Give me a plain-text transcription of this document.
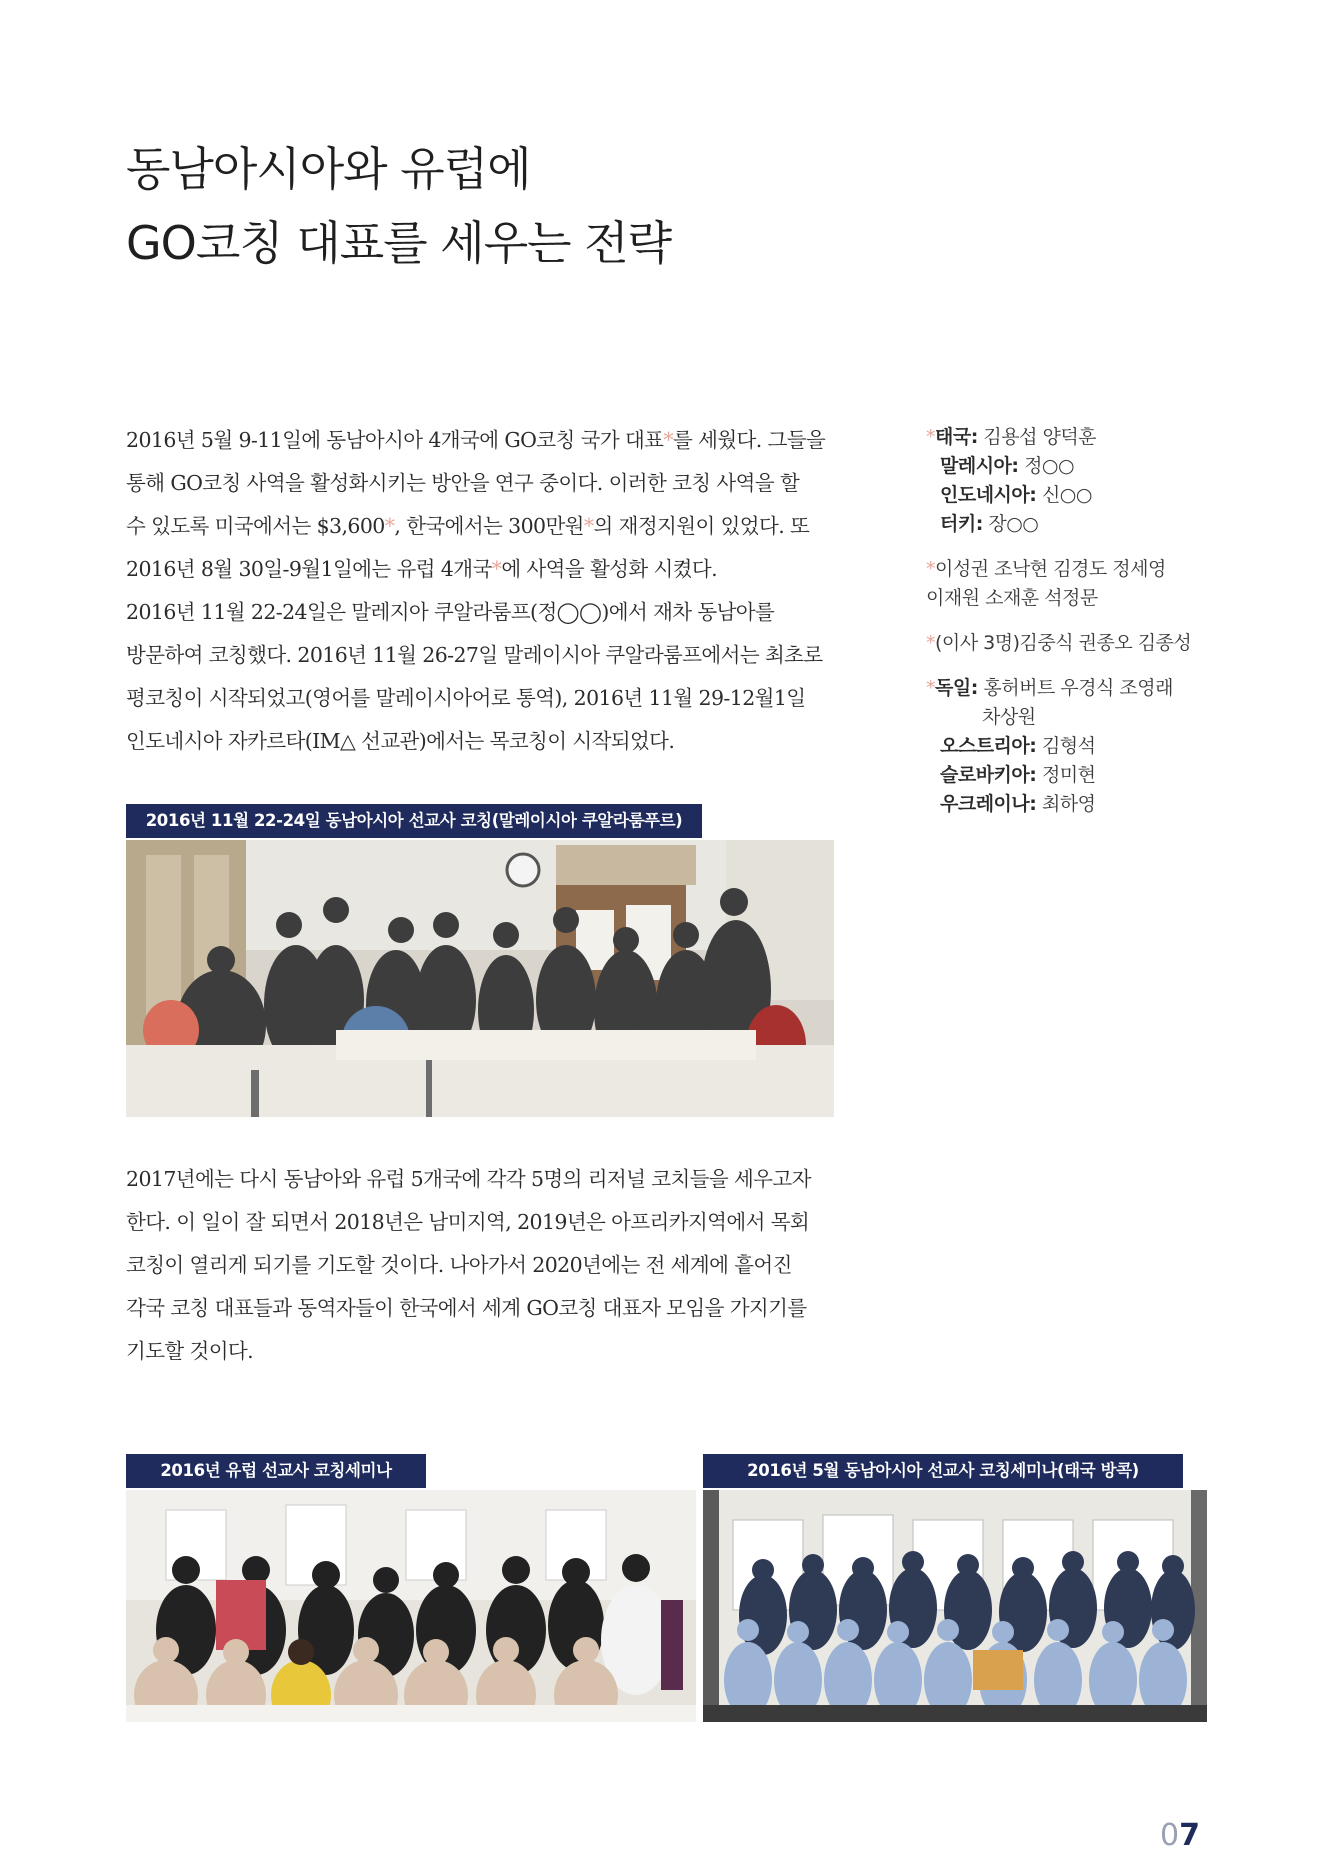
동남아시아와 유럽에
GO코칭 대표를 세우는 전략
2016년 5월 9-11일에 동남아시아 4개국에 GO코칭 국가 대표*를 세웠다. 그들을
통해 GO코칭 사역을 활성화시키는 방안을 연구 중이다. 이러한 코칭 사역을 할
수 있도록 미국에서는 $3,600*, 한국에서는 300만원*의 재정지원이 있었다. 또
2016년 8월 30일-9월1일에는 유럽 4개국*에 사역을 활성화 시켰다.
2016년 11월 22-24일은 말레지아 쿠알라룸프(정◯◯)에서 재차 동남아를
방문하여 코칭했다. 2016년 11월 26-27일 말레이시아 쿠알라룸프에서는 최초로
평코칭이 시작되었고(영어를 말레이시아어로 통역), 2016년 11월 29-12월1일
인도네시아 자카르타(IM△ 선교관)에서는 목코칭이 시작되었다.
*태국: 김용섭 양덕훈
말레시아: 정○○
인도네시아: 신○○
터키: 장○○
*이성권 조낙현 김경도 정세영
이재원 소재훈 석정문
*(이사 3명)김중식 권종오 김종성
*독일: 홍허버트 우경식 조영래
차상원
오스트리아: 김형석
슬로바키아: 정미현
우크레이나: 최하영
2016년 11월 22-24일 동남아시아 선교사 코칭(말레이시아 쿠알라룸푸르)
2017년에는 다시 동남아와 유럽 5개국에 각각 5명의 리저널 코치들을 세우고자
한다. 이 일이 잘 되면서 2018년은 남미지역, 2019년은 아프리카지역에서 목회
코칭이 열리게 되기를 기도할 것이다. 나아가서 2020년에는 전 세계에 흩어진
각국 코칭 대표들과 동역자들이 한국에서 세계 GO코칭 대표자 모임을 가지기를
기도할 것이다.
2016년 유럽 선교사 코칭세미나	2016년 5월 동남아시아 선교사 코칭세미나(태국 방콕)
07
